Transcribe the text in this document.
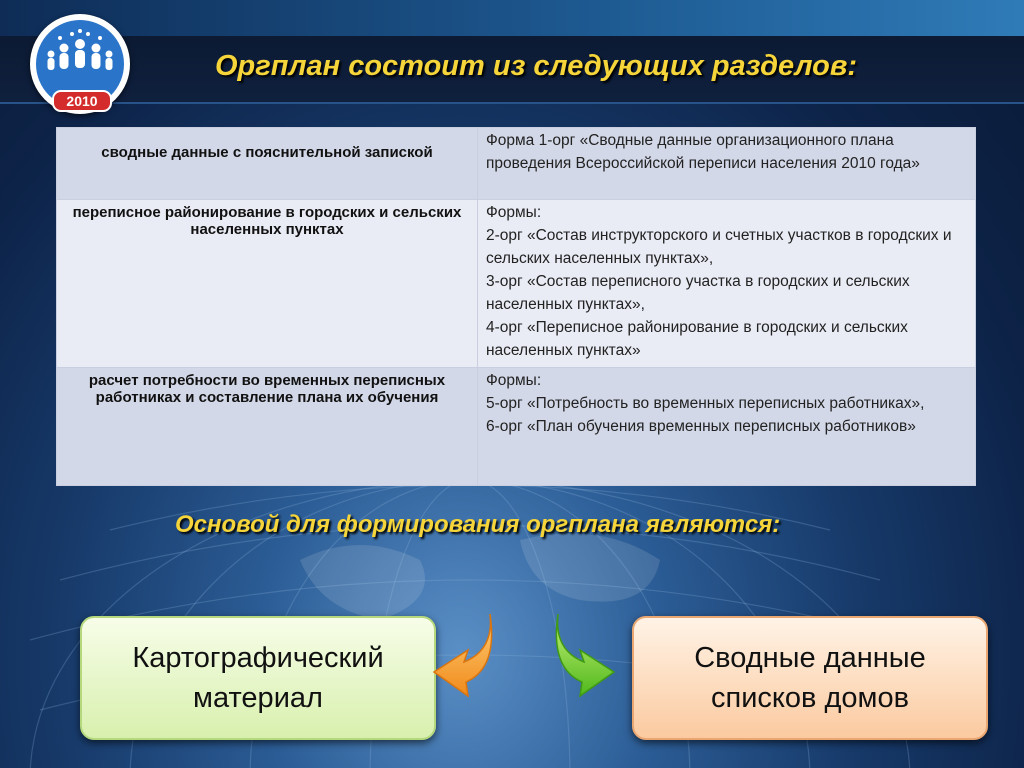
2010
Оргплан состоит из следующих разделов:
сводные данные с пояснительной запиской	Форма 1-орг «Сводные данные организационного плана проведения Всероссийской переписи населения 2010 года»

переписное районирование в городских и сельских населенных пунктах	Формы:
2-орг «Состав инструкторского и счетных участков в городских и сельских населенных пунктах»,
3-орг «Состав переписного участка в городских и сельских населенных пунктах»,
4-орг «Переписное районирование в городских и сельских населенных пунктах»

расчет потребности во временных переписных работниках и составление плана их обучения	Формы:
5-орг «Потребность во временных переписных работниках»,
6-орг «План обучения временных переписных работников»
Основой для формирования оргплана являются:
Картографический материал
Сводные данные списков домов
